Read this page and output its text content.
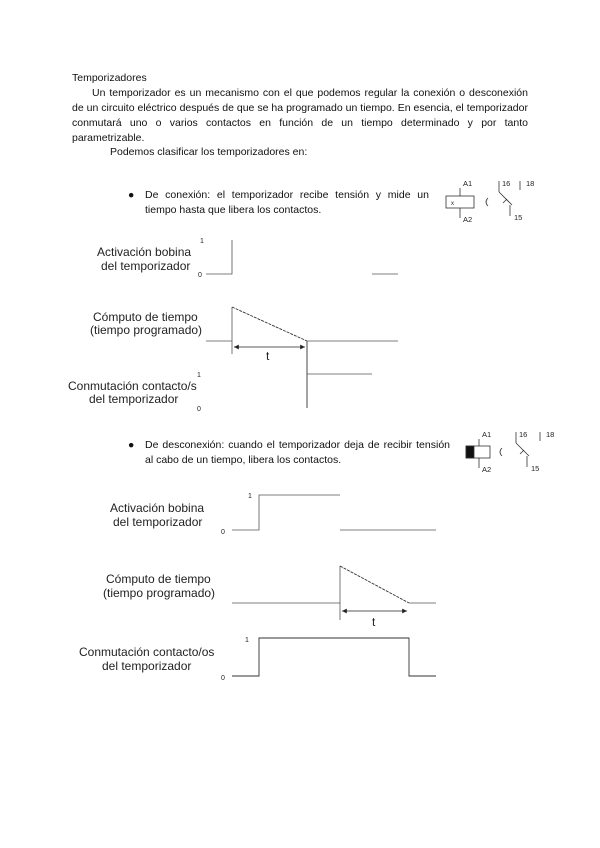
Temporizadores

Un temporizador es un mecanismo con el que podemos regular la conexión o desconexión de un circuito eléctrico después de que se ha programado un tiempo. En esencia, el temporizador conmutará uno o varios contactos en función de un tiempo determinado y por tanto parametrizable.

Podemos clasificar los temporizadores en:
● De conexión: el temporizador recibe tensión y mide un tiempo hasta que libera los contactos.
● De desconexión: cuando el temporizador deja de recibir tensión al cabo de un tiempo, libera los contactos.
A1
x
A2
16
15
18
Activación bobina
del temporizador
1
0
Cómputo de tiempo
(tiempo programado)
t
Conmutación contacto/s
del temporizador
1
0
A1
A2
16
15
18
Activación bobina
del temporizador
1
0
Cómputo de tiempo
(tiempo programado)
t
Conmutación contacto/os
del temporizador
1
0
